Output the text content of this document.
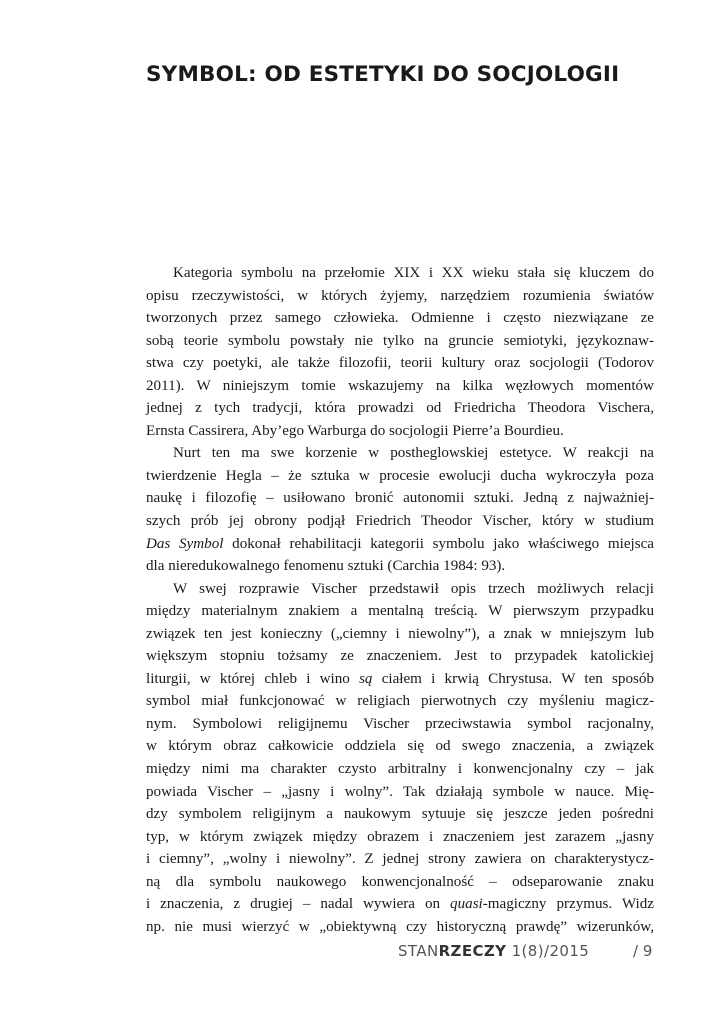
SYMBOL: OD ESTETYKI DO SOCJOLOGII
Kategoria symbolu na przełomie XIX i XX wieku stała się kluczem do
opisu rzeczywistości, w których żyjemy, narzędziem rozumienia światów
tworzonych przez samego człowieka. Odmienne i często niezwiązane ze
sobą teorie symbolu powstały nie tylko na gruncie semiotyki, językoznaw-
stwa czy poetyki, ale także filozofii, teorii kultury oraz socjologii (Todorov
2011). W niniejszym tomie wskazujemy na kilka węzłowych momentów
jednej z tych tradycji, która prowadzi od Friedricha Theodora Vischera,
Ernsta Cassirera, Aby’ego Warburga do socjologii Pierre’a Bourdieu.
Nurt ten ma swe korzenie w postheglowskiej estetyce. W reakcji na
twierdzenie Hegla – że sztuka w procesie ewolucji ducha wykroczyła poza
naukę i filozofię – usiłowano bronić autonomii sztuki. Jedną z najważniej-
szych prób jej obrony podjął Friedrich Theodor Vischer, który w studium
Das Symbol dokonał rehabilitacji kategorii symbolu jako właściwego miejsca
dla nieredukowalnego fenomenu sztuki (Carchia 1984: 93).
W swej rozprawie Vischer przedstawił opis trzech możliwych relacji
między materialnym znakiem a mentalną treścią. W pierwszym przypadku
związek ten jest konieczny („ciemny i niewolny”), a znak w mniejszym lub
większym stopniu tożsamy ze znaczeniem. Jest to przypadek katolickiej
liturgii, w której chleb i wino są ciałem i krwią Chrystusa. W ten sposób
symbol miał funkcjonować w religiach pierwotnych czy myśleniu magicz-
nym. Symbolowi religijnemu Vischer przeciwstawia symbol racjonalny,
w którym obraz całkowicie oddziela się od swego znaczenia, a związek
między nimi ma charakter czysto arbitralny i konwencjonalny czy – jak
powiada Vischer – „jasny i wolny”. Tak działają symbole w nauce. Mię-
dzy symbolem religijnym a naukowym sytuuje się jeszcze jeden pośredni
typ, w którym związek między obrazem i znaczeniem jest zarazem „jasny
i ciemny”, „wolny i niewolny”. Z jednej strony zawiera on charakterystycz-
ną dla symbolu naukowego konwencjonalność – odseparowanie znaku
i znaczenia, z drugiej – nadal wywiera on quasi-magiczny przymus. Widz
np. nie musi wierzyć w „obiektywną czy historyczną prawdę” wizerunków,
STANRZECZY 1(8)/2015	/ 9
